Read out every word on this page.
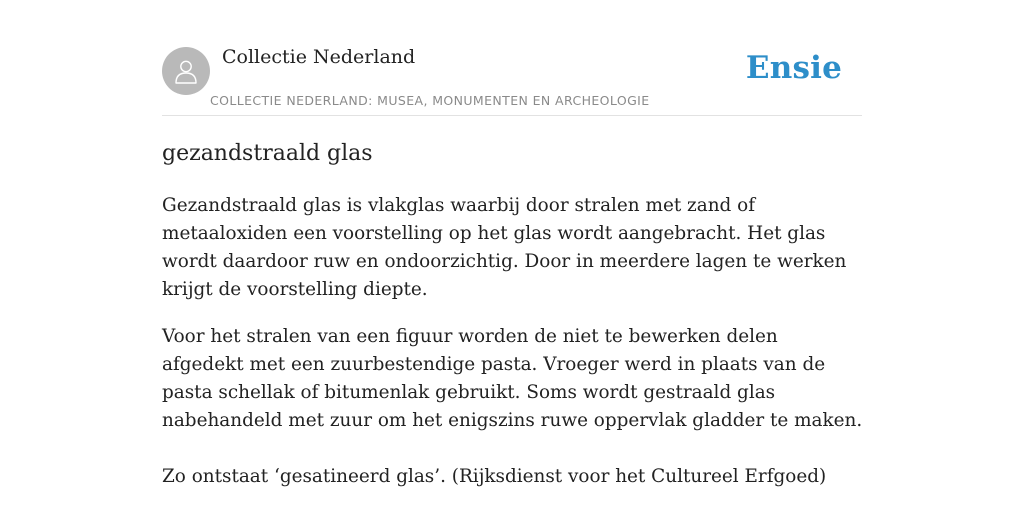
Collectie Nederland
COLLECTIE NEDERLAND: MUSEA, MONUMENTEN EN ARCHEOLOGIE
Ensie
gezandstraald glas

Gezandstraald glas is vlakglas waarbij door stralen met zand of metaaloxiden een voorstelling op het glas wordt aangebracht. Het glas wordt daardoor ruw en ondoorzichtig. Door in meerdere lagen te werken krijgt de voorstelling diepte.

Voor het stralen van een figuur worden de niet te bewerken delen afgedekt met een zuurbestendige pasta. Vroeger werd in plaats van de pasta schellak of bitumenlak gebruikt. Soms wordt gestraald glas nabehandeld met zuur om het enigszins ruwe oppervlak gladder te maken.

Zo ontstaat ‘gesatineerd glas’. (Rijksdienst voor het Cultureel Erfgoed)
